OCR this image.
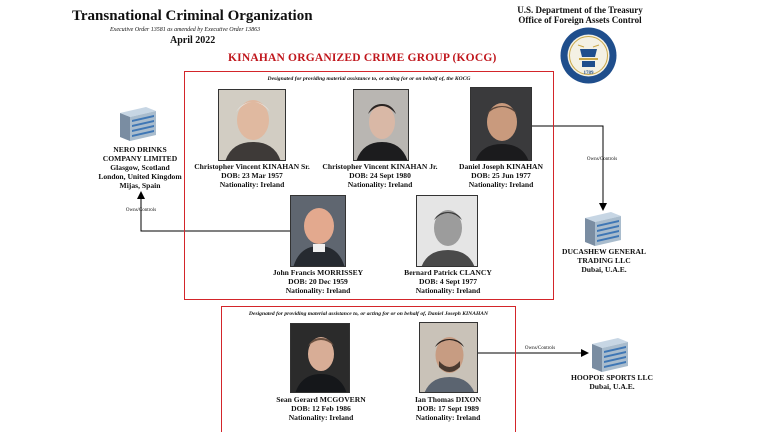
Transnational Criminal Organization
Executive Order 13581 as amended by Executive Order 13863
April 2022
U.S. Department of the Treasury
Office of Foreign Assets Control
1789
KINAHAN ORGANIZED CRIME GROUP (KOCG)
Owns/Controls
Owns/Controls
Owns/Controls
Designated for providing material assistance to, or acting for or on behalf of, the KOCG
Christopher Vincent KINAHAN Sr.
DOB: 23 Mar 1957
Nationality: Ireland
Christopher Vincent KINAHAN Jr.
DOB: 24 Sept 1980
Nationality: Ireland
Daniel Joseph KINAHAN
DOB: 25 Jun 1977
Nationality: Ireland
John Francis MORRISSEY
DOB: 20 Dec 1959
Nationality: Ireland
Bernard Patrick CLANCY
DOB: 4 Sept 1977
Nationality: Ireland
Designated for providing material assistance to, or acting for or on behalf of, Daniel Joseph KINAHAN
Sean Gerard MCGOVERN
DOB: 12 Feb 1986
Nationality: Ireland
Ian Thomas DIXON
DOB: 17 Sept 1989
Nationality: Ireland
NERO DRINKS
COMPANY LIMITED
Glasgow, Scotland
London, United Kingdom
Mijas, Spain
DUCASHEW GENERAL
TRADING LLC
Dubai, U.A.E.
HOOPOE SPORTS LLC
Dubai, U.A.E.
